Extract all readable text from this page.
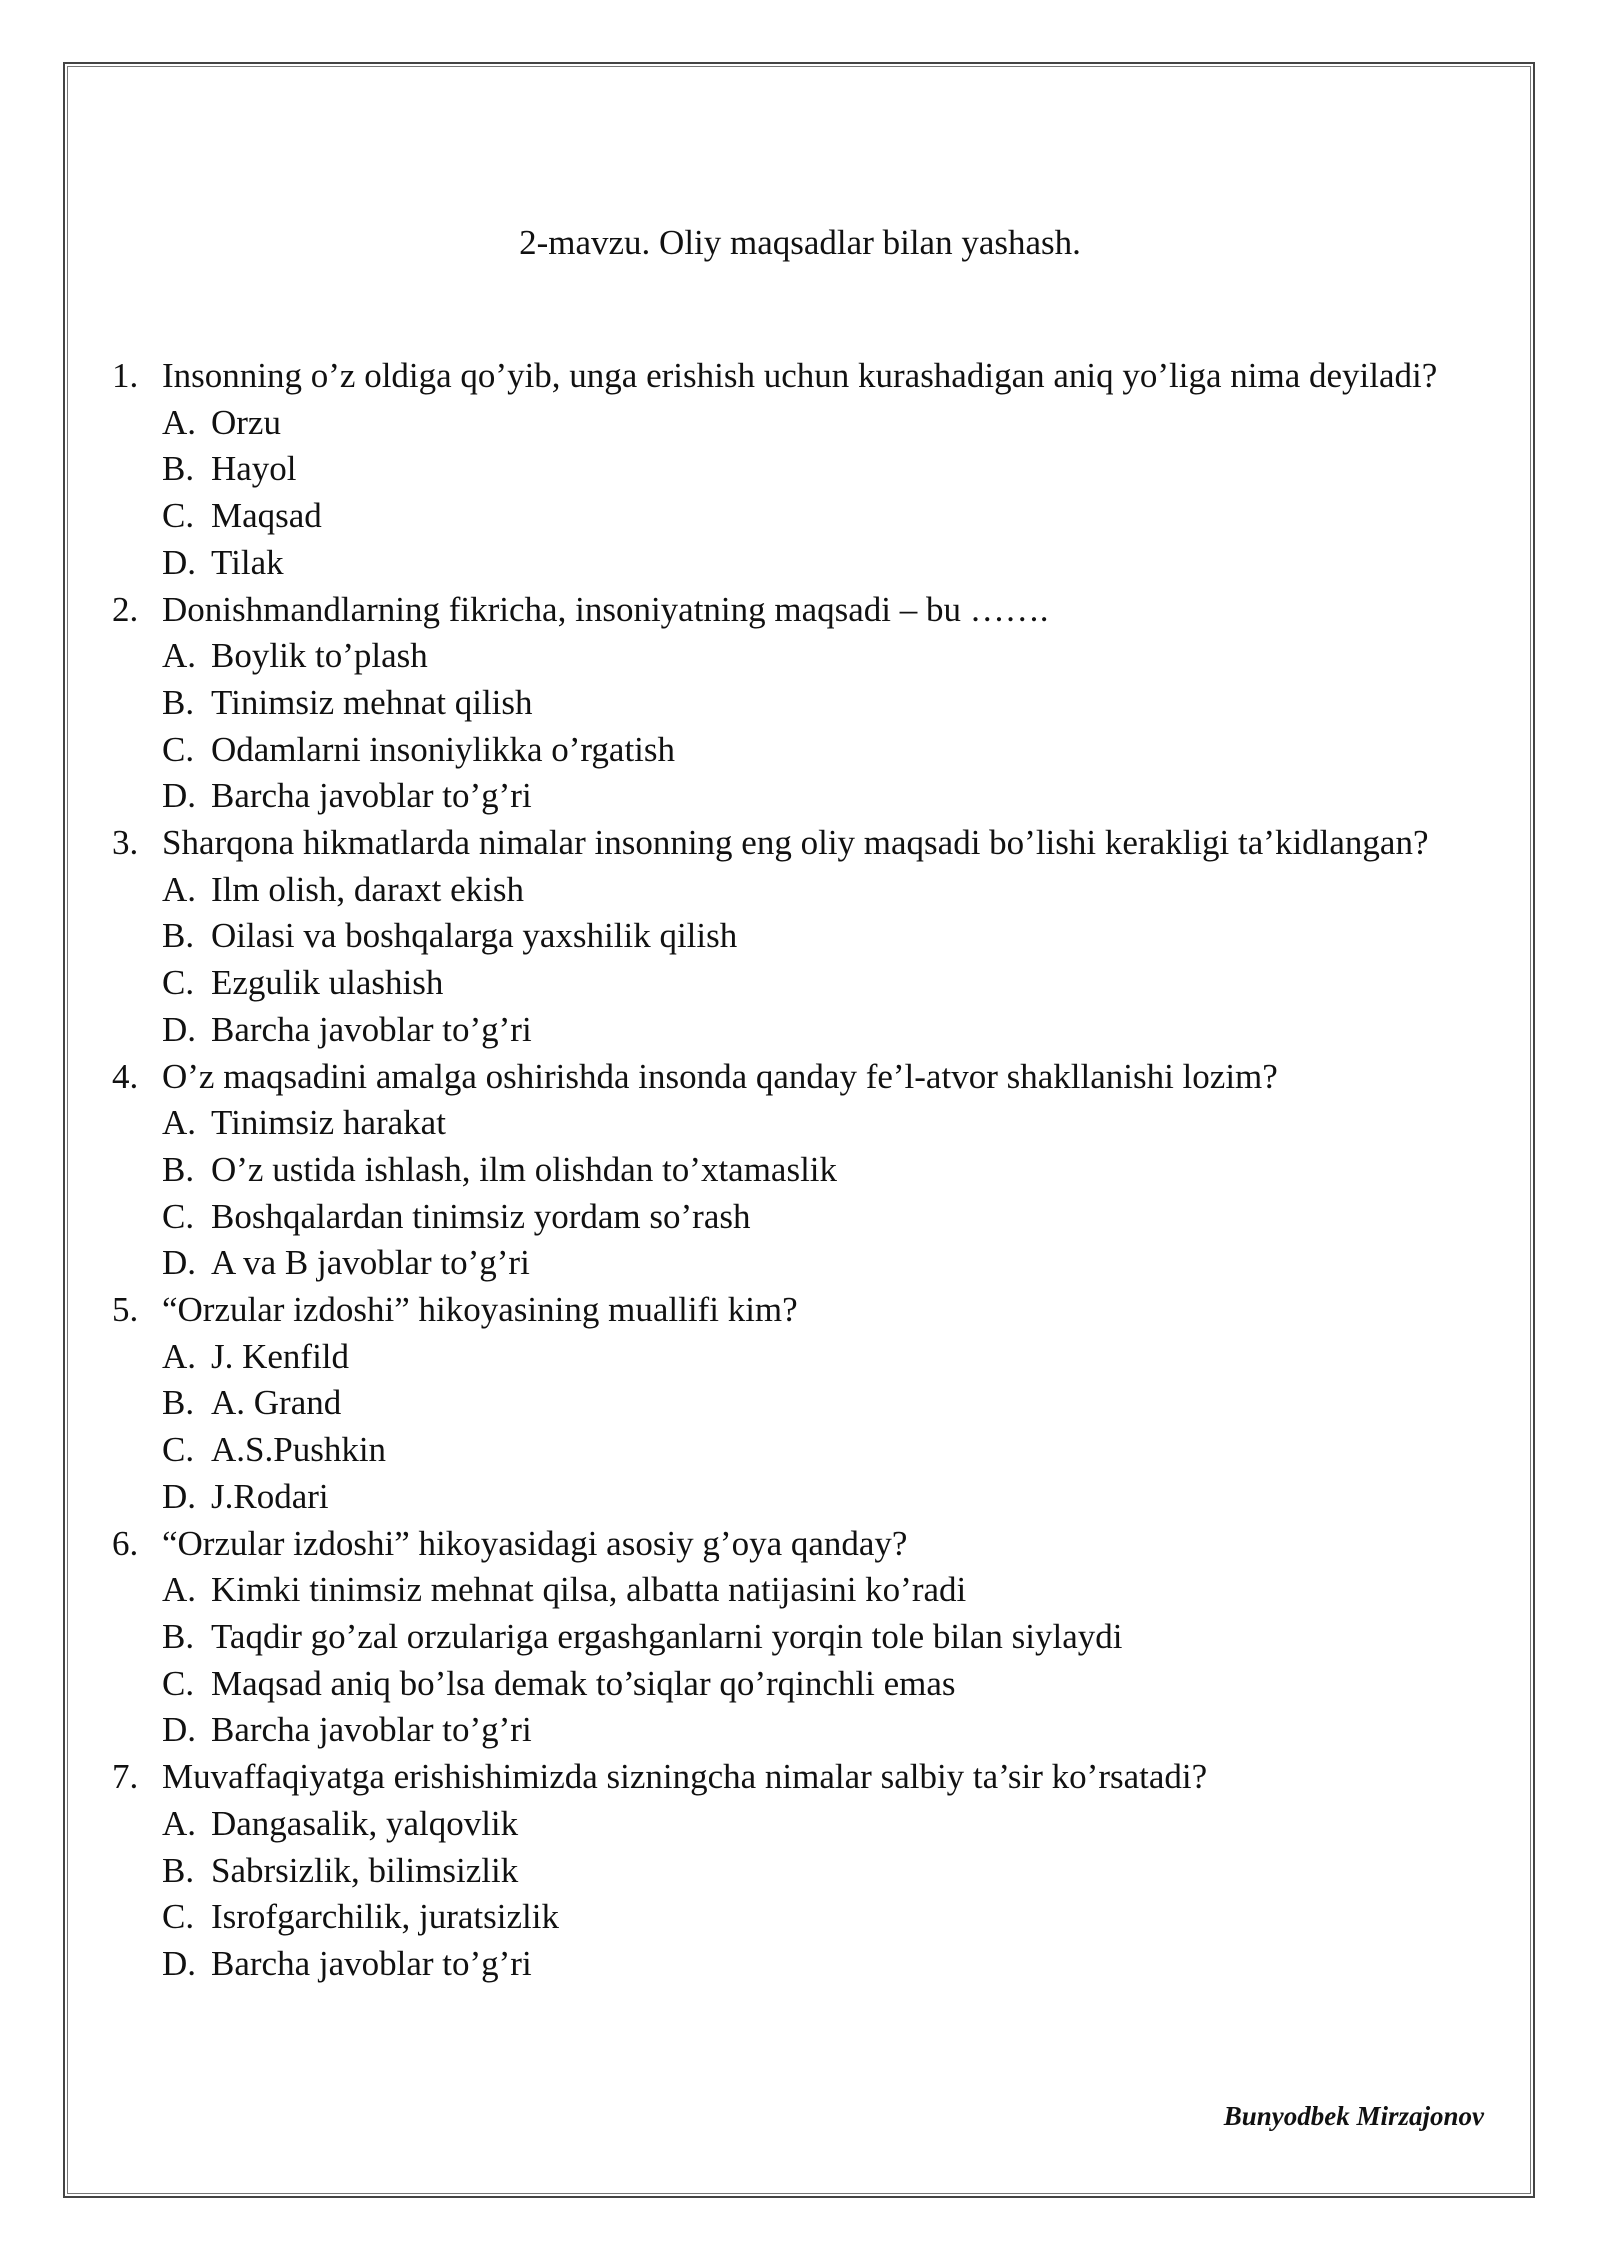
2-mavzu. Oliy maqsadlar bilan yashash.
1. Insonning o’z oldiga qo’yib, unga erishish uchun kurashadigan aniq yo’liga nima deyiladi?
A. Orzu
B. Hayol
C. Maqsad
D. Tilak
2. Donishmandlarning fikricha, insoniyatning maqsadi – bu …….
A. Boylik to’plash
B. Tinimsiz mehnat qilish
C. Odamlarni insoniylikka o’rgatish
D. Barcha javoblar to’g’ri
3. Sharqona hikmatlarda nimalar insonning eng oliy maqsadi bo’lishi kerakligi ta’kidlangan?
A. Ilm olish, daraxt ekish
B. Oilasi va boshqalarga yaxshilik qilish
C. Ezgulik ulashish
D. Barcha javoblar to’g’ri
4. O’z maqsadini amalga oshirishda insonda qanday fe’l-atvor shakllanishi lozim?
A. Tinimsiz harakat
B. O’z ustida ishlash, ilm olishdan to’xtamaslik
C. Boshqalardan tinimsiz yordam so’rash
D. A va B javoblar to’g’ri
5. “Orzular izdoshi” hikoyasining muallifi kim?
A. J. Kenfild
B. A. Grand
C. A.S.Pushkin
D. J.Rodari
6. “Orzular izdoshi” hikoyasidagi asosiy g’oya qanday?
A. Kimki tinimsiz mehnat qilsa, albatta natijasini ko’radi
B. Taqdir go’zal orzulariga ergashganlarni yorqin tole bilan siylaydi
C. Maqsad aniq bo’lsa demak to’siqlar qo’rqinchli emas
D. Barcha javoblar to’g’ri
7. Muvaffaqiyatga erishishimizda sizningcha nimalar salbiy ta’sir ko’rsatadi?
A. Dangasalik, yalqovlik
B. Sabrsizlik, bilimsizlik
C. Isrofgarchilik, juratsizlik
D. Barcha javoblar to’g’ri
Bunyodbek Mirzajonov
